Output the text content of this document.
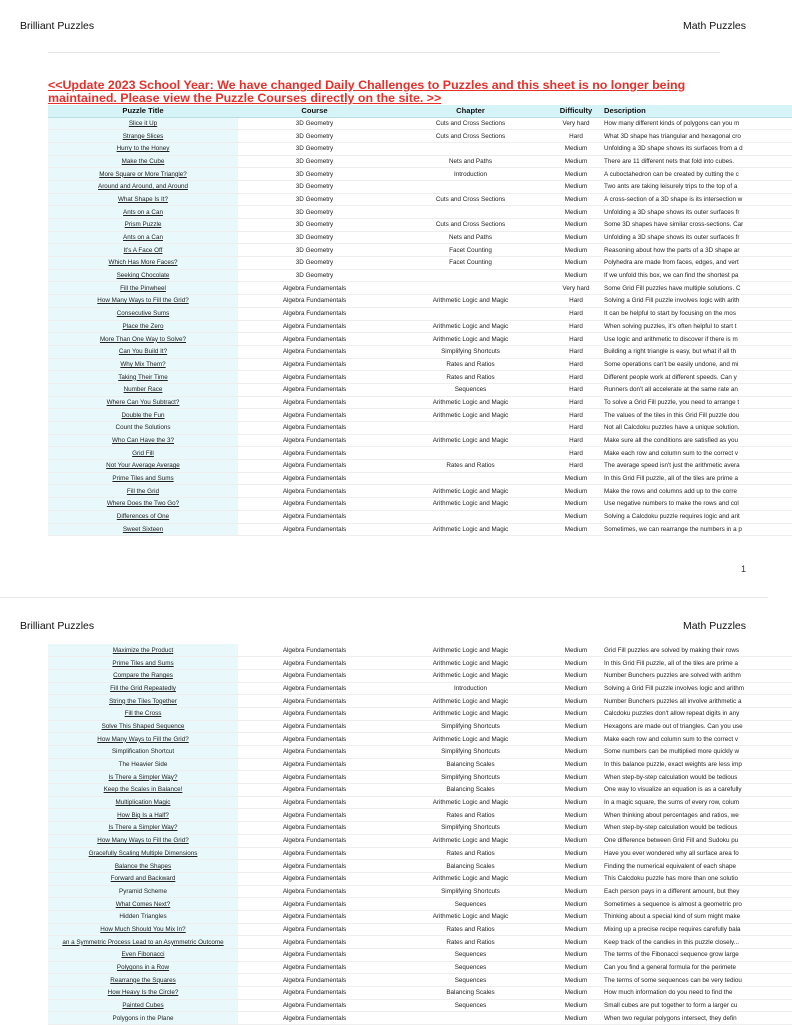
Brilliant Puzzles	Math Puzzles
<<Update 2023 School Year: We have changed Daily Challenges to Puzzles and this sheet is no longer being
maintained. Please view the Puzzle Courses directly on the site. >>
Puzzle Title	Course	Chapter	Difficulty	Description
Slice it Up	3D Geometry	Cuts and Cross Sections	Very hard	How many different kinds of polygons can you m
Strange Slices	3D Geometry	Cuts and Cross Sections	Hard	What 3D shape has triangular and hexagonal cro
Hurry to the Honey	3D Geometry		Medium	Unfolding a 3D shape shows its surfaces from a d
Make the Cube	3D Geometry	Nets and Paths	Medium	There are 11 different nets that fold into cubes.
More Square or More Triangle?	3D Geometry	Introduction	Medium	A cuboctahedron can be created by cutting the c
Around and Around, and Around	3D Geometry		Medium	Two ants are taking leisurely trips to the top of a
What Shape Is It?	3D Geometry	Cuts and Cross Sections	Medium	A cross-section of a 3D shape is its intersection w
Ants on a Can	3D Geometry		Medium	Unfolding a 3D shape shows its outer surfaces fr
Prism Puzzle	3D Geometry	Cuts and Cross Sections	Medium	Some 3D shapes have similar cross-sections. Car
Ants on a Can	3D Geometry	Nets and Paths	Medium	Unfolding a 3D shape shows its outer surfaces fr
It's A Face Off	3D Geometry	Facet Counting	Medium	Reasoning about how the parts of a 3D shape ar
Which Has More Faces?	3D Geometry	Facet Counting	Medium	Polyhedra are made from faces, edges, and vert
Seeking Chocolate	3D Geometry		Medium	If we unfold this box, we can find the shortest pa
Fill the Pinwheel	Algebra Fundamentals		Very hard	Some Grid Fill puzzles have multiple solutions. C
How Many Ways to Fill the Grid?	Algebra Fundamentals	Arithmetic Logic and Magic	Hard	Solving a Grid Fill puzzle involves logic with arith
Consecutive Sums	Algebra Fundamentals		Hard	It can be helpful to start by focusing on the mos
Place the Zero	Algebra Fundamentals	Arithmetic Logic and Magic	Hard	When solving puzzles, it's often helpful to start t
More Than One Way to Solve?	Algebra Fundamentals	Arithmetic Logic and Magic	Hard	Use logic and arithmetic to discover if there is m
Can You Build It?	Algebra Fundamentals	Simplifying Shortcuts	Hard	Building a right triangle is easy, but what if all th
Why Mix Them?	Algebra Fundamentals	Rates and Ratios	Hard	Some operations can't be easily undone, and mi
Taking Their Time	Algebra Fundamentals	Rates and Ratios	Hard	Different people work at different speeds. Can y
Number Race	Algebra Fundamentals	Sequences	Hard	Runners don't all accelerate at the same rate an
Where Can You Subtract?	Algebra Fundamentals	Arithmetic Logic and Magic	Hard	To solve a Grid Fill puzzle, you need to arrange t
Double the Fun	Algebra Fundamentals	Arithmetic Logic and Magic	Hard	The values of the tiles in this Grid Fill puzzle dou
Count the Solutions	Algebra Fundamentals		Hard	Not all Calcdoku puzzles have a unique solution.
Who Can Have the 3?	Algebra Fundamentals	Arithmetic Logic and Magic	Hard	Make sure all the conditions are satisfied as you
Grid Fill	Algebra Fundamentals		Hard	Make each row and column sum to the correct v
Not Your Average Average	Algebra Fundamentals	Rates and Ratios	Hard	The average speed isn't just the arithmetic avera
Prime Tiles and Sums	Algebra Fundamentals		Medium	In this Grid Fill puzzle, all of the tiles are prime a
Fill the Grid	Algebra Fundamentals	Arithmetic Logic and Magic	Medium	Make the rows and columns add up to the corre
Where Does the Two Go?	Algebra Fundamentals	Arithmetic Logic and Magic	Medium	Use negative numbers to make the rows and col
Differences of One	Algebra Fundamentals		Medium	Solving a Calcdoku puzzle requires logic and arit
Sweet Sixteen	Algebra Fundamentals	Arithmetic Logic and Magic	Medium	Sometimes, we can rearrange the numbers in a p
1
Brilliant Puzzles	Math Puzzles
Maximize the Product	Algebra Fundamentals	Arithmetic Logic and Magic	Medium	Grid Fill puzzles are solved by making their rows
Prime Tiles and Sums	Algebra Fundamentals	Arithmetic Logic and Magic	Medium	In this Grid Fill puzzle, all of the tiles are prime a
Compare the Ranges	Algebra Fundamentals	Arithmetic Logic and Magic	Medium	Number Bunchers puzzles are solved with arithm
Fill the Grid Repeatedly	Algebra Fundamentals	Introduction	Medium	Solving a Grid Fill puzzle involves logic and arithm
String the Tiles Together	Algebra Fundamentals	Arithmetic Logic and Magic	Medium	Number Bunchers puzzles all involve arithmetic a
Fill the Cross	Algebra Fundamentals	Arithmetic Logic and Magic	Medium	Calcdoku puzzles don't allow repeat digits in any
Solve This Shaped Sequence	Algebra Fundamentals	Simplifying Shortcuts	Medium	Hexagons are made out of triangles. Can you use
How Many Ways to Fill the Grid?	Algebra Fundamentals	Arithmetic Logic and Magic	Medium	Make each row and column sum to the correct v
Simplification Shortcut	Algebra Fundamentals	Simplifying Shortcuts	Medium	Some numbers can be multiplied more quickly w
The Heavier Side	Algebra Fundamentals	Balancing Scales	Medium	In this balance puzzle, exact weights are less imp
Is There a Simpler Way?	Algebra Fundamentals	Simplifying Shortcuts	Medium	When step-by-step calculation would be tedious
Keep the Scales in Balance!	Algebra Fundamentals	Balancing Scales	Medium	One way to visualize an equation is as a carefully
Multiplication Magic	Algebra Fundamentals	Arithmetic Logic and Magic	Medium	In a magic square, the sums of every row, colum
How Big Is a Half?	Algebra Fundamentals	Rates and Ratios	Medium	When thinking about percentages and ratios, we
Is There a Simpler Way?	Algebra Fundamentals	Simplifying Shortcuts	Medium	When step-by-step calculation would be tedious
How Many Ways to Fill the Grid?	Algebra Fundamentals	Arithmetic Logic and Magic	Medium	One difference between Grid Fill and Sudoku pu
Gracefully Scaling Multiple Dimensions	Algebra Fundamentals	Rates and Ratios	Medium	Have you ever wondered why all surface area fo
Balance the Shapes	Algebra Fundamentals	Balancing Scales	Medium	Finding the numerical equivalent of each shape
Forward and Backward	Algebra Fundamentals	Arithmetic Logic and Magic	Medium	This Calcdoku puzzle has more than one solutio
Pyramid Scheme	Algebra Fundamentals	Simplifying Shortcuts	Medium	Each person pays in a different amount, but they
What Comes Next?	Algebra Fundamentals	Sequences	Medium	Sometimes a sequence is almost a geometric pro
Hidden Triangles	Algebra Fundamentals	Arithmetic Logic and Magic	Medium	Thinking about a special kind of sum might make
How Much Should You Mix In?	Algebra Fundamentals	Rates and Ratios	Medium	Mixing up a precise recipe requires carefully bala
an a Symmetric Process Lead to an Asymmetric Outcome	Algebra Fundamentals	Rates and Ratios	Medium	Keep track of the candies in this puzzle closely...
Even Fibonacci	Algebra Fundamentals	Sequences	Medium	The terms of the Fibonacci sequence grow large
Polygons in a Row	Algebra Fundamentals	Sequences	Medium	Can you find a general formula for the perimete
Rearrange the Squares	Algebra Fundamentals	Sequences	Medium	The terms of some sequences can be very tediou
How Heavy Is the Circle?	Algebra Fundamentals	Balancing Scales	Medium	How much information do you need to find the
Painted Cubes	Algebra Fundamentals	Sequences	Medium	Small cubes are put together to form a larger cu
Polygons in the Plane	Algebra Fundamentals		Medium	When two regular polygons intersect, they defin
